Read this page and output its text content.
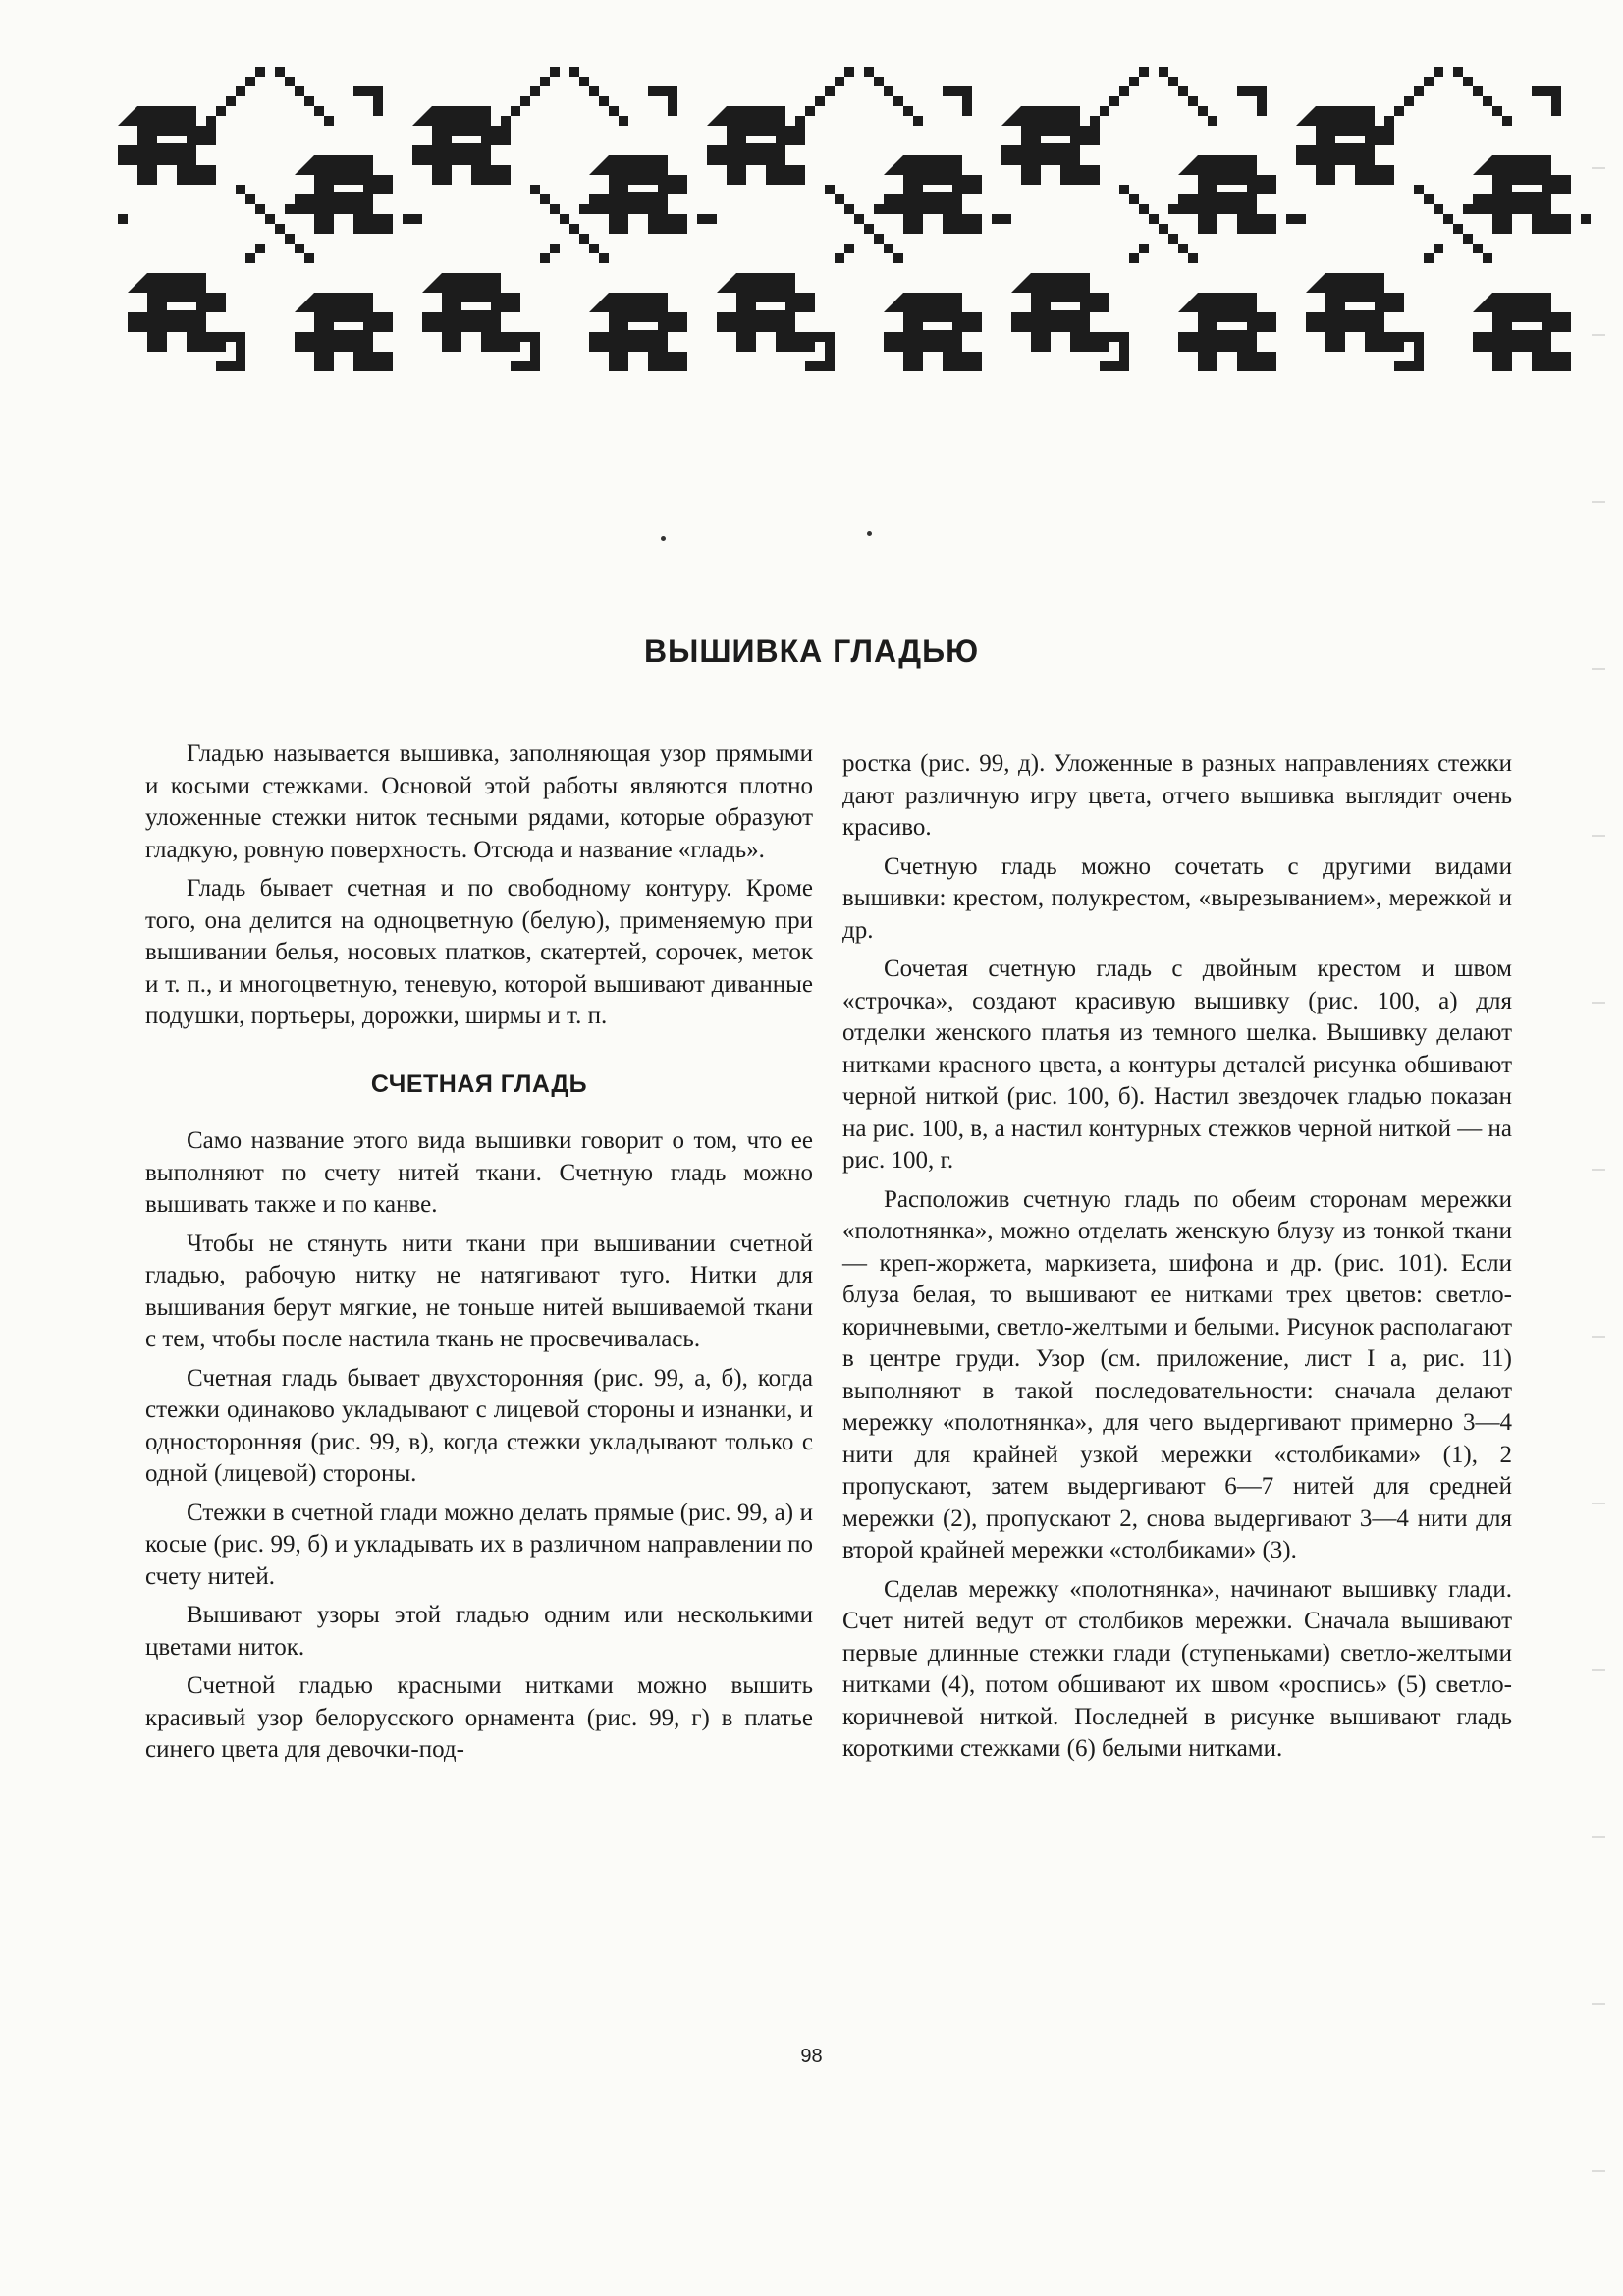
ВЫШИВКА ГЛАДЬЮ

Гладью называется вышивка, заполняющая узор прямыми и косыми стежками. Основой этой работы являются плотно уложенные стежки ниток тесными рядами, которые образуют гладкую, ровную поверхность. Отсюда и название «гладь».

Гладь бывает счетная и по свободному контуру. Кроме того, она делится на одноцветную (белую), применяемую при вышивании белья, носовых платков, скатертей, сорочек, меток и т. п., и многоцветную, теневую, которой вышивают диванные подушки, портьеры, дорожки, ширмы и т. п.

СЧЕТНАЯ ГЛАДЬ

Само название этого вида вышивки говорит о том, что ее выполняют по счету нитей ткани. Счетную гладь можно вышивать также и по канве.

Чтобы не стянуть нити ткани при вышивании счетной гладью, рабочую нитку не натягивают туго. Нитки для вышивания берут мягкие, не тоньше нитей вышиваемой ткани с тем, чтобы после настила ткань не просвечивалась.

Счетная гладь бывает двухсторонняя (рис. 99, а, б), когда стежки одинаково укладывают с лицевой стороны и изнанки, и односторонняя (рис. 99, в), когда стежки укладывают только с одной (лицевой) стороны.

Стежки в счетной глади можно делать прямые (рис. 99, а) и косые (рис. 99, б) и укладывать их в различном направлении по счету нитей.

Вышивают узоры этой гладью одним или несколькими цветами ниток.

Счетной гладью красными нитками можно вышить красивый узор белорусского орнамента (рис. 99, г) в платье синего цвета для девочки-под-

ростка (рис. 99, д). Уложенные в разных направлениях стежки дают различную игру цвета, отчего вышивка выглядит очень красиво.

Счетную гладь можно сочетать с другими видами вышивки: крестом, полукрестом, «вырезыванием», мережкой и др.

Сочетая счетную гладь с двойным крестом и швом «строчка», создают красивую вышивку (рис. 100, а) для отделки женского платья из темного шелка. Вышивку делают нитками красного цвета, а контуры деталей рисунка обшивают черной ниткой (рис. 100, б). Настил звездочек гладью показан на рис. 100, в, а настил контурных стежков черной ниткой — на рис. 100, г.

Расположив счетную гладь по обеим сторонам мережки «полотнянка», можно отделать женскую блузу из тонкой ткани — креп-жоржета, маркизета, шифона и др. (рис. 101). Если блуза белая, то вышивают ее нитками трех цветов: светло-коричневыми, светло-желтыми и белыми. Рисунок располагают в центре груди. Узор (см. приложение, лист I а, рис. 11) выполняют в такой последовательности: сначала делают мережку «полотнянка», для чего выдергивают примерно 3—4 нити для крайней узкой мережки «столбиками» (1), 2 пропускают, затем выдергивают 6—7 нитей для средней мережки (2), пропускают 2, снова выдергивают 3—4 нити для второй крайней мережки «столбиками» (3).

Сделав мережку «полотнянка», начинают вышивку глади. Счет нитей ведут от столбиков мережки. Сначала вышивают первые длинные стежки глади (ступеньками) светло-желтыми нитками (4), потом обшивают их швом «роспись» (5) светло-коричневой ниткой. Последней в рисунке вышивают гладь короткими стежками (6) белыми нитками.

98
